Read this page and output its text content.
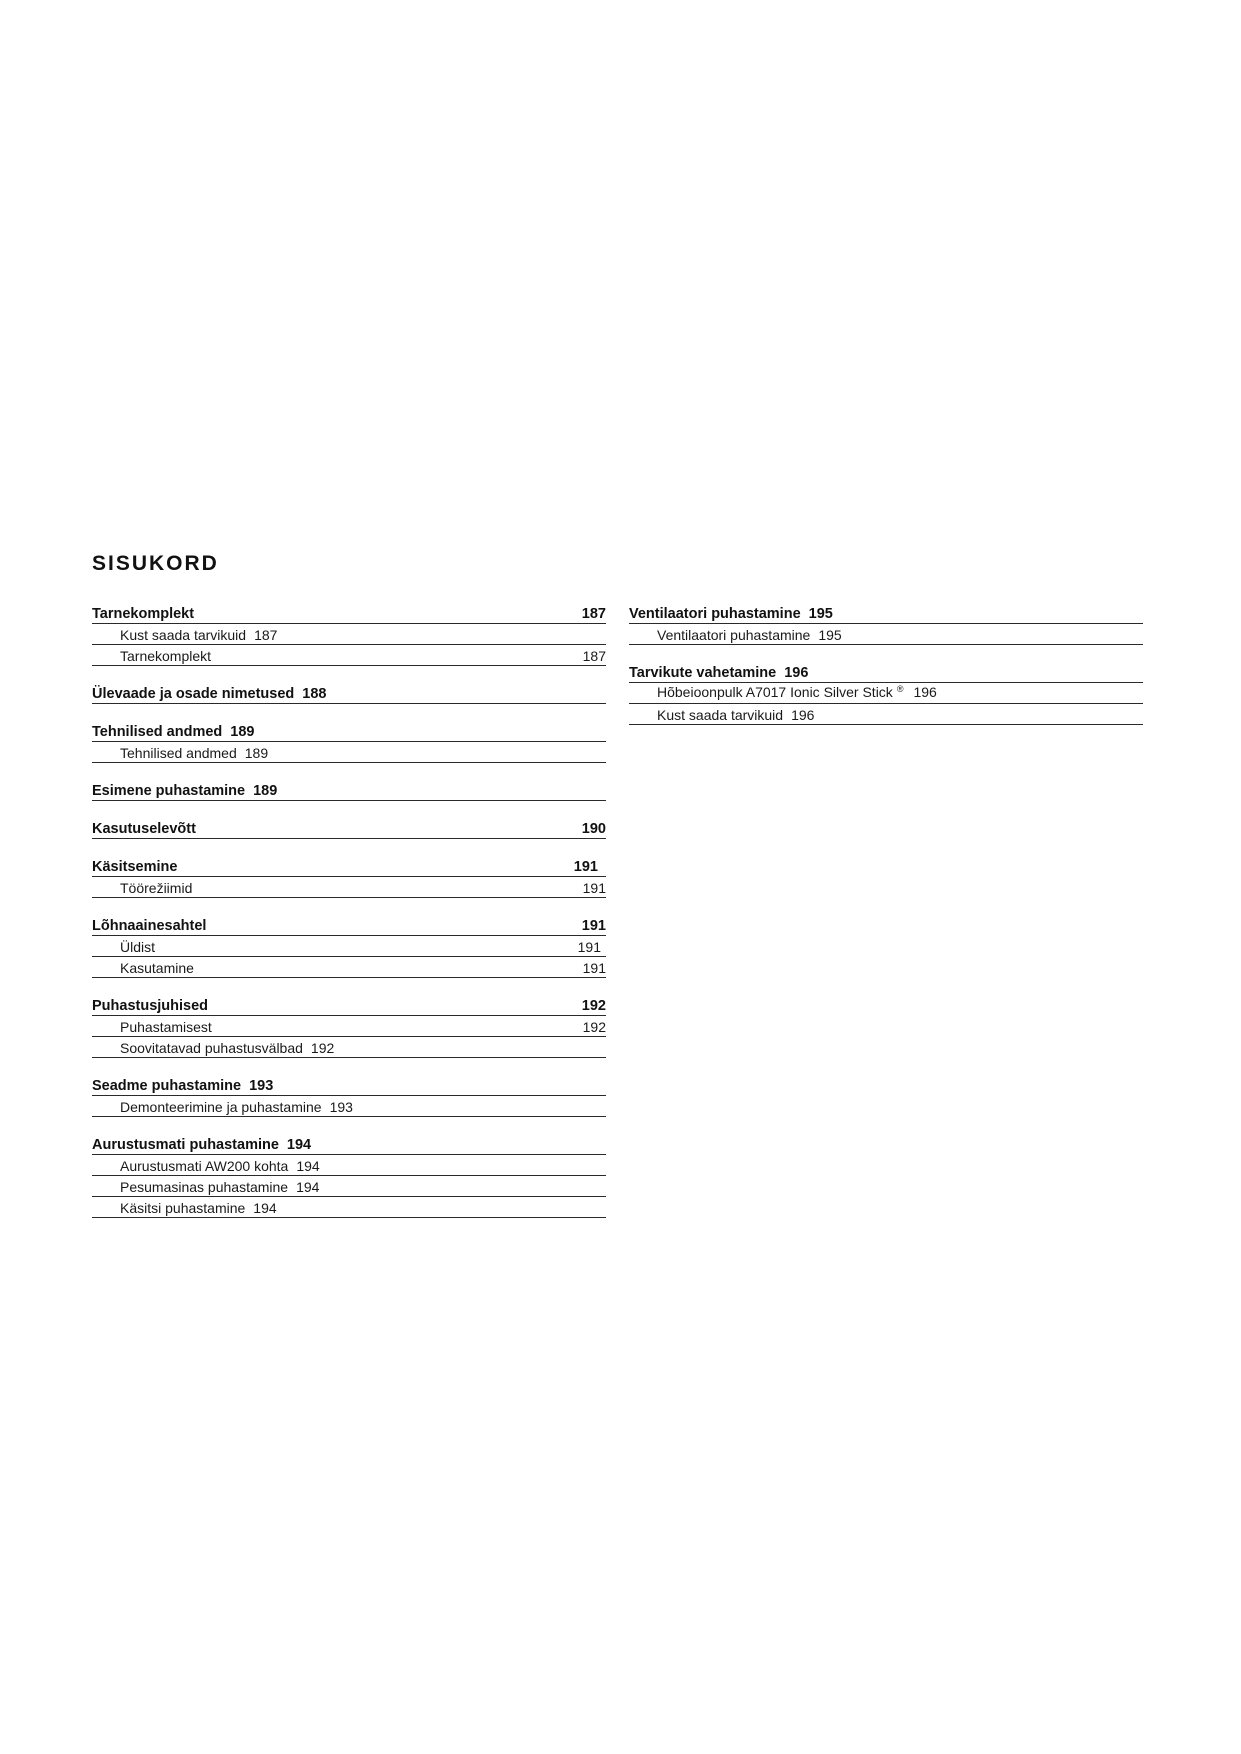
SISUKORD
Tarnekomplekt	187
Kust saada tarvikuid 187
Tarnekomplekt	187
Ülevaade ja osade nimetused 188
Tehnilised andmed 189
Tehnilised andmed 189
Esimene puhastamine 189
Kasutuselevõtt	190
Käsitsemine	191
Töörežiimid	191
Lõhnaainesahtel	191
Üldist	191
Kasutamine	191
Puhastusjuhised	192
Puhastamisest	192
Soovitatavad puhastusvälbad 192
Seadme puhastamine 193
Demonteerimine ja puhastamine 193
Aurustusmati puhastamine 194
Aurustusmati AW200 kohta 194
Pesumasinas puhastamine 194
Käsitsi puhastamine 194
Ventilaatori puhastamine 195
Ventilaatori puhastamine 195
Tarvikute vahetamine 196
Hõbeioonpulk A7017 Ionic Silver Stick ® 196
Kust saada tarvikuid 196
